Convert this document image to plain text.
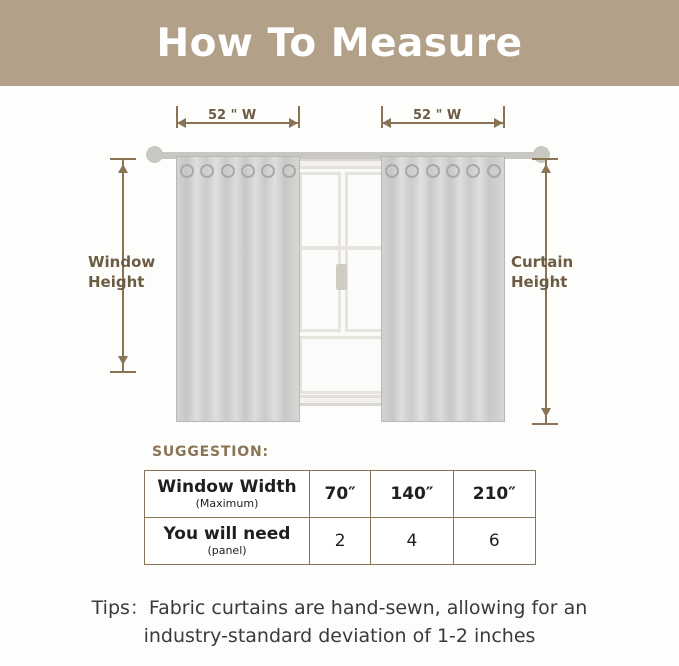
How To Measure
52 " W	52 " W
Window
Height
Curtain
Height
SUGGESTION:
Window Width
(Maximum)	70″	140″	210″

You will need
(panel)	2	4	6
Tips：Fabric curtains are hand-sewn, allowing for an
industry-standard deviation of 1-2 inches
